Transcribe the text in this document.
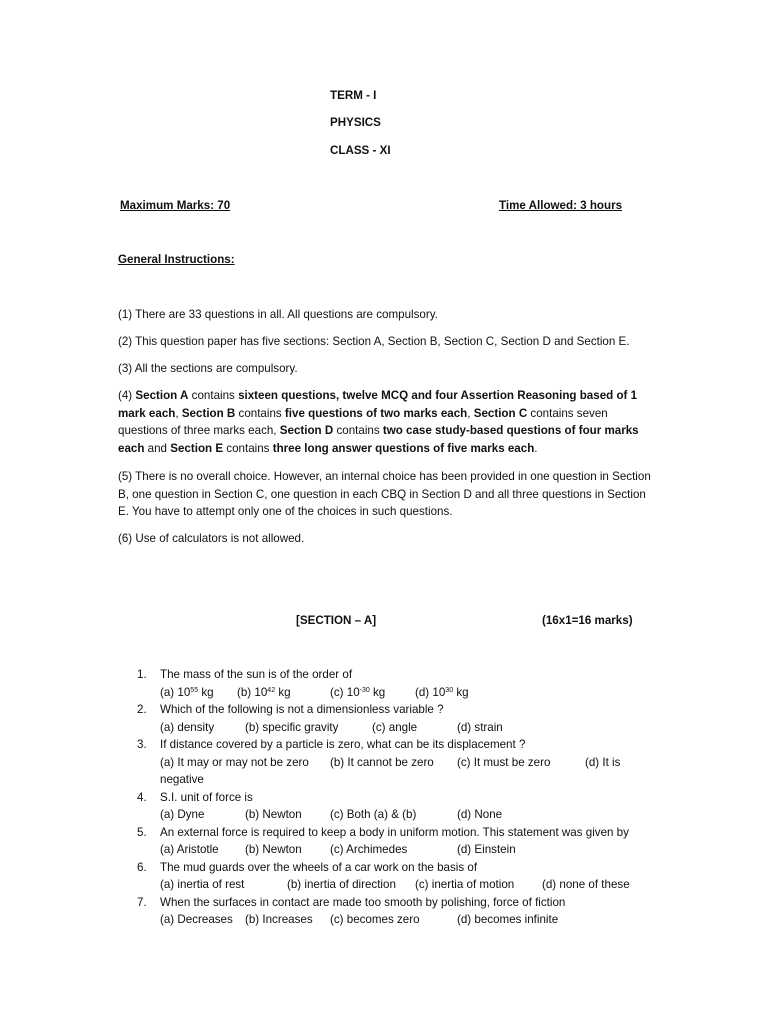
TERM - I
PHYSICS
CLASS - XI
Maximum Marks: 70	Time Allowed: 3 hours
General Instructions:

(1) There are 33 questions in all. All questions are compulsory.

(2) This question paper has five sections: Section A, Section B, Section C, Section D and Section E.

(3) All the sections are compulsory.

(4) Section A contains sixteen questions, twelve MCQ and four Assertion Reasoning based of 1 mark each, Section B contains five questions of two marks each, Section C contains seven questions of three marks each, Section D contains two case study-based questions of four marks each and Section E contains three long answer questions of five marks each.

(5) There is no overall choice. However, an internal choice has been provided in one question in Section B, one question in Section C, one question in each CBQ in Section D and all three questions in Section E. You have to attempt only one of the choices in such questions.

(6) Use of calculators is not allowed.

[SECTION – A]	(16x1=16 marks)
1.	The mass of the sun is of the order of
(a) $10^{55}$ kg (b) $10^{42}$ kg	(c) $10^{-30}$ kg	(d) $10^{30}$ kg
2.	Which of the following is not a dimensionless variable ?
(a) density	(b) specific gravity	(c) angle	(d) strain
3.	If distance covered by a particle is zero, what can be its displacement ?
(a) It may or may not be zero (b) It cannot be zero (c) It must be zero	(d) It is
negative
4.	S.I. unit of force is
(a) Dyne	(b) Newton (c) Both (a) & (b)	(d) None
5.	An external force is required to keep a body in uniform motion. This statement was given by
(a) Aristotle (b) Newton (c) Archimedes	(d) Einstein
6.	The mud guards over the wheels of a car work on the basis of
(a) inertia of rest	(b) inertia of direction (c) inertia of motion (d) none of these
7.	When the surfaces in contact are made too smooth by polishing, force of fiction
(a) Decreases (b) Increases (c) becomes zero	(d) becomes infinite
